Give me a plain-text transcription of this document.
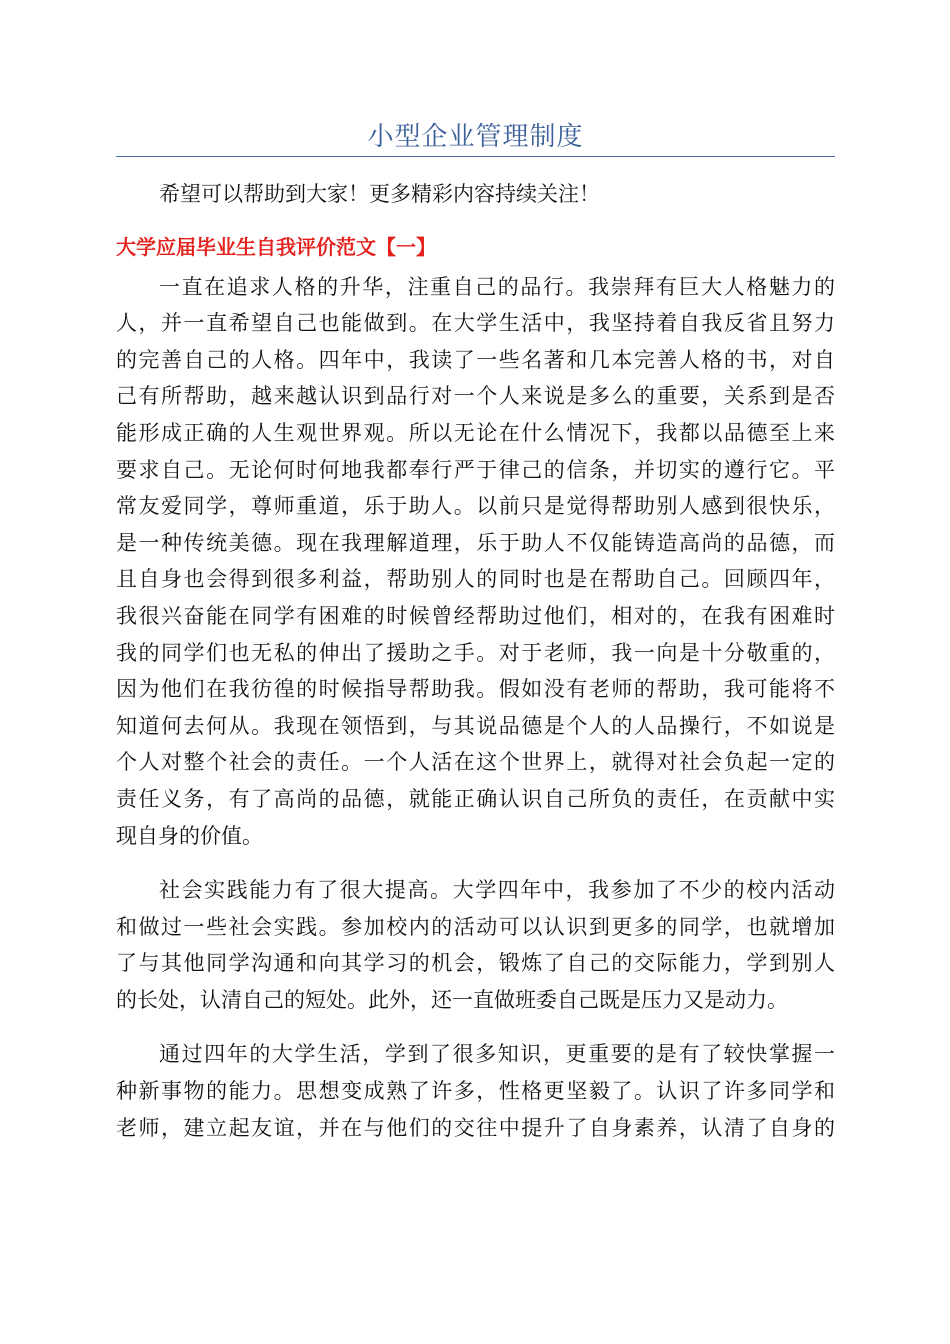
小型企业管理制度

希望可以帮助到大家！更多精彩内容持续关注！

大学应届毕业生自我评价范文【一】
一直在追求人格的升华，注重自己的品行。我崇拜有巨大人格魅力的
人，并一直希望自己也能做到。在大学生活中，我坚持着自我反省且努力
的完善自己的人格。四年中，我读了一些名著和几本完善人格的书，对自
己有所帮助，越来越认识到品行对一个人来说是多么的重要，关系到是否
能形成正确的人生观世界观。所以无论在什么情况下，我都以品德至上来
要求自己。无论何时何地我都奉行严于律己的信条，并切实的遵行它。平
常友爱同学，尊师重道，乐于助人。以前只是觉得帮助别人感到很快乐，
是一种传统美德。现在我理解道理，乐于助人不仅能铸造高尚的品德，而
且自身也会得到很多利益，帮助别人的同时也是在帮助自己。回顾四年，
我很兴奋能在同学有困难的时候曾经帮助过他们，相对的，在我有困难时
我的同学们也无私的伸出了援助之手。对于老师，我一向是十分敬重的，
因为他们在我彷徨的时候指导帮助我。假如没有老师的帮助，我可能将不
知道何去何从。我现在领悟到，与其说品德是个人的人品操行，不如说是
个人对整个社会的责任。一个人活在这个世界上，就得对社会负起一定的
责任义务，有了高尚的品德，就能正确认识自己所负的责任，在贡献中实
现自身的价值。
社会实践能力有了很大提高。大学四年中，我参加了不少的校内活动
和做过一些社会实践。参加校内的活动可以认识到更多的同学，也就增加
了与其他同学沟通和向其学习的机会，锻炼了自己的交际能力，学到别人
的长处，认清自己的短处。此外，还一直做班委自己既是压力又是动力。
通过四年的大学生活，学到了很多知识，更重要的是有了较快掌握一
种新事物的能力。思想变成熟了许多，性格更坚毅了。认识了许多同学和
老师，建立起友谊，并在与他们的交往中提升了自身素养，认清了自身的
